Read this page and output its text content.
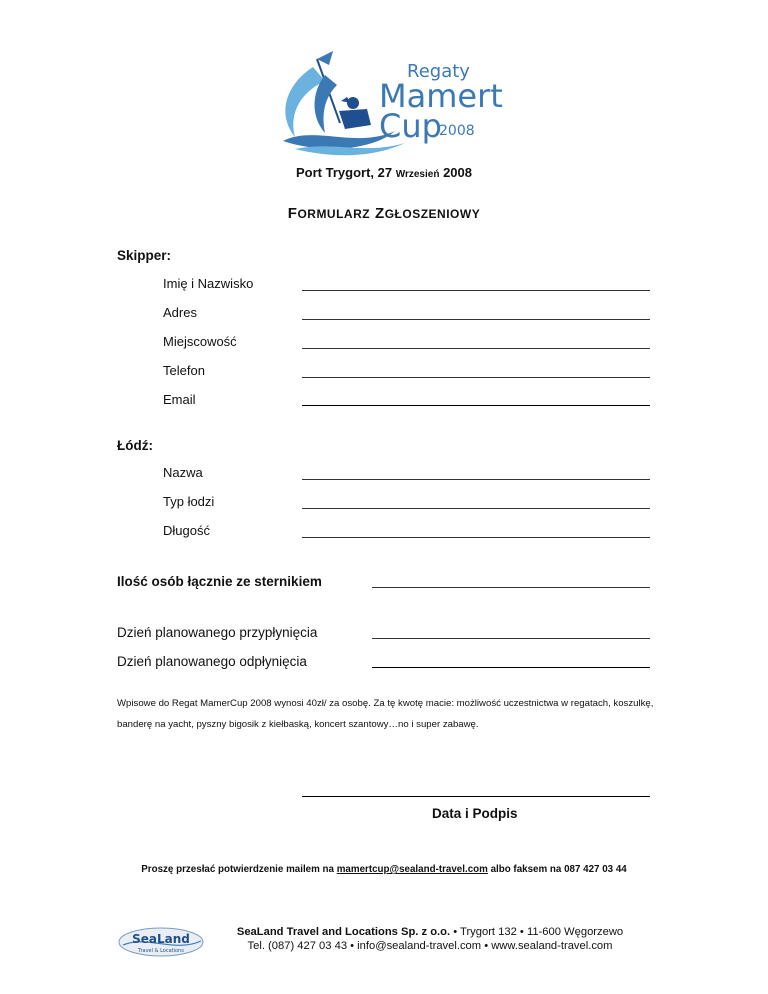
Regaty
Mamert
Cup
2008
Port Trygort, 27 Wrzesień 2008
FORMULARZ ZGŁOSZENIOWY
Skipper:
Imię i Nazwisko
Adres
Miejscowość
Telefon
Email
Łódź:
Nazwa
Typ łodzi
Długość
Ilość osób łącznie ze sternikiem
Dzień planowanego przypłynięcia
Dzień planowanego odpłynięcia
Wpisowe do Regat MamerCup 2008 wynosi 40zł/ za osobę. Za tę kwotę macie: możliwość uczestnictwa w regatach, koszulkę,
banderę na yacht, pyszny bigosik z kiełbaską, koncert szantowy…no i super zabawę.
Data i Podpis
Proszę przesłać potwierdzenie mailem na mamertcup@sealand-travel.com albo faksem na 087 427 03 44
SeaLand
Travel & Locations
SeaLand Travel and Locations Sp. z o.o. • Trygort 132 • 11-600 Węgorzewo
Tel. (087) 427 03 43 • info@sealand-travel.com • www.sealand-travel.com
